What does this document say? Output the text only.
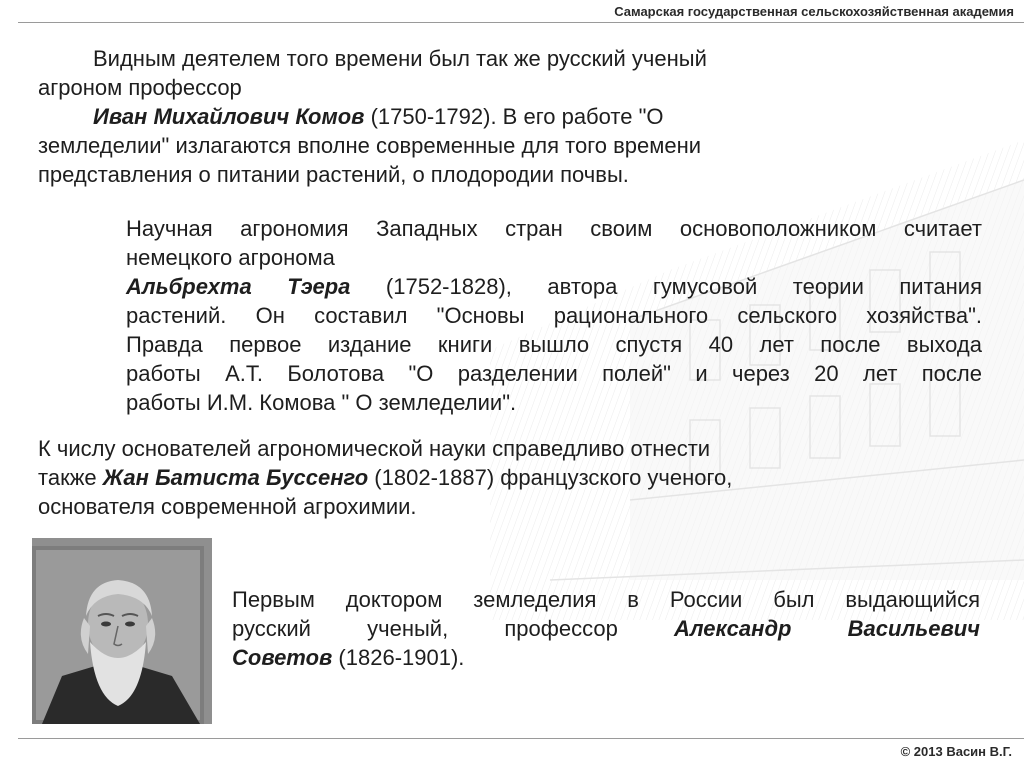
Самарская государственная сельскохозяйственная академия
Видным деятелем того времени был так же русский ученый
агроном профессор
Иван Михайлович Комов (1750-1792). В его работе "О
земледелии" излагаются вполне современные для того времени
представления о питании растений, о плодородии почвы.
Научная агрономия Западных стран своим основоположником считает
немецкого агронома
Альбрехта Тэера (1752-1828), автора гумусовой теории питания
растений. Он составил "Основы рационального сельского хозяйства".
Правда первое издание книги вышло спустя 40 лет после выхода
работы А.Т. Болотова "О разделении полей" и через 20 лет после
работы И.М. Комова " О земледелии".
К числу основателей агрономической науки справедливо отнести
также Жан Батиста Буссенго (1802-1887) французского ученого,
основателя современной агрохимии.
Первым доктором земледелия в России был выдающийся
русский ученый, профессор Александр Васильевич
Советов (1826-1901).
© 2013 Васин В.Г.
